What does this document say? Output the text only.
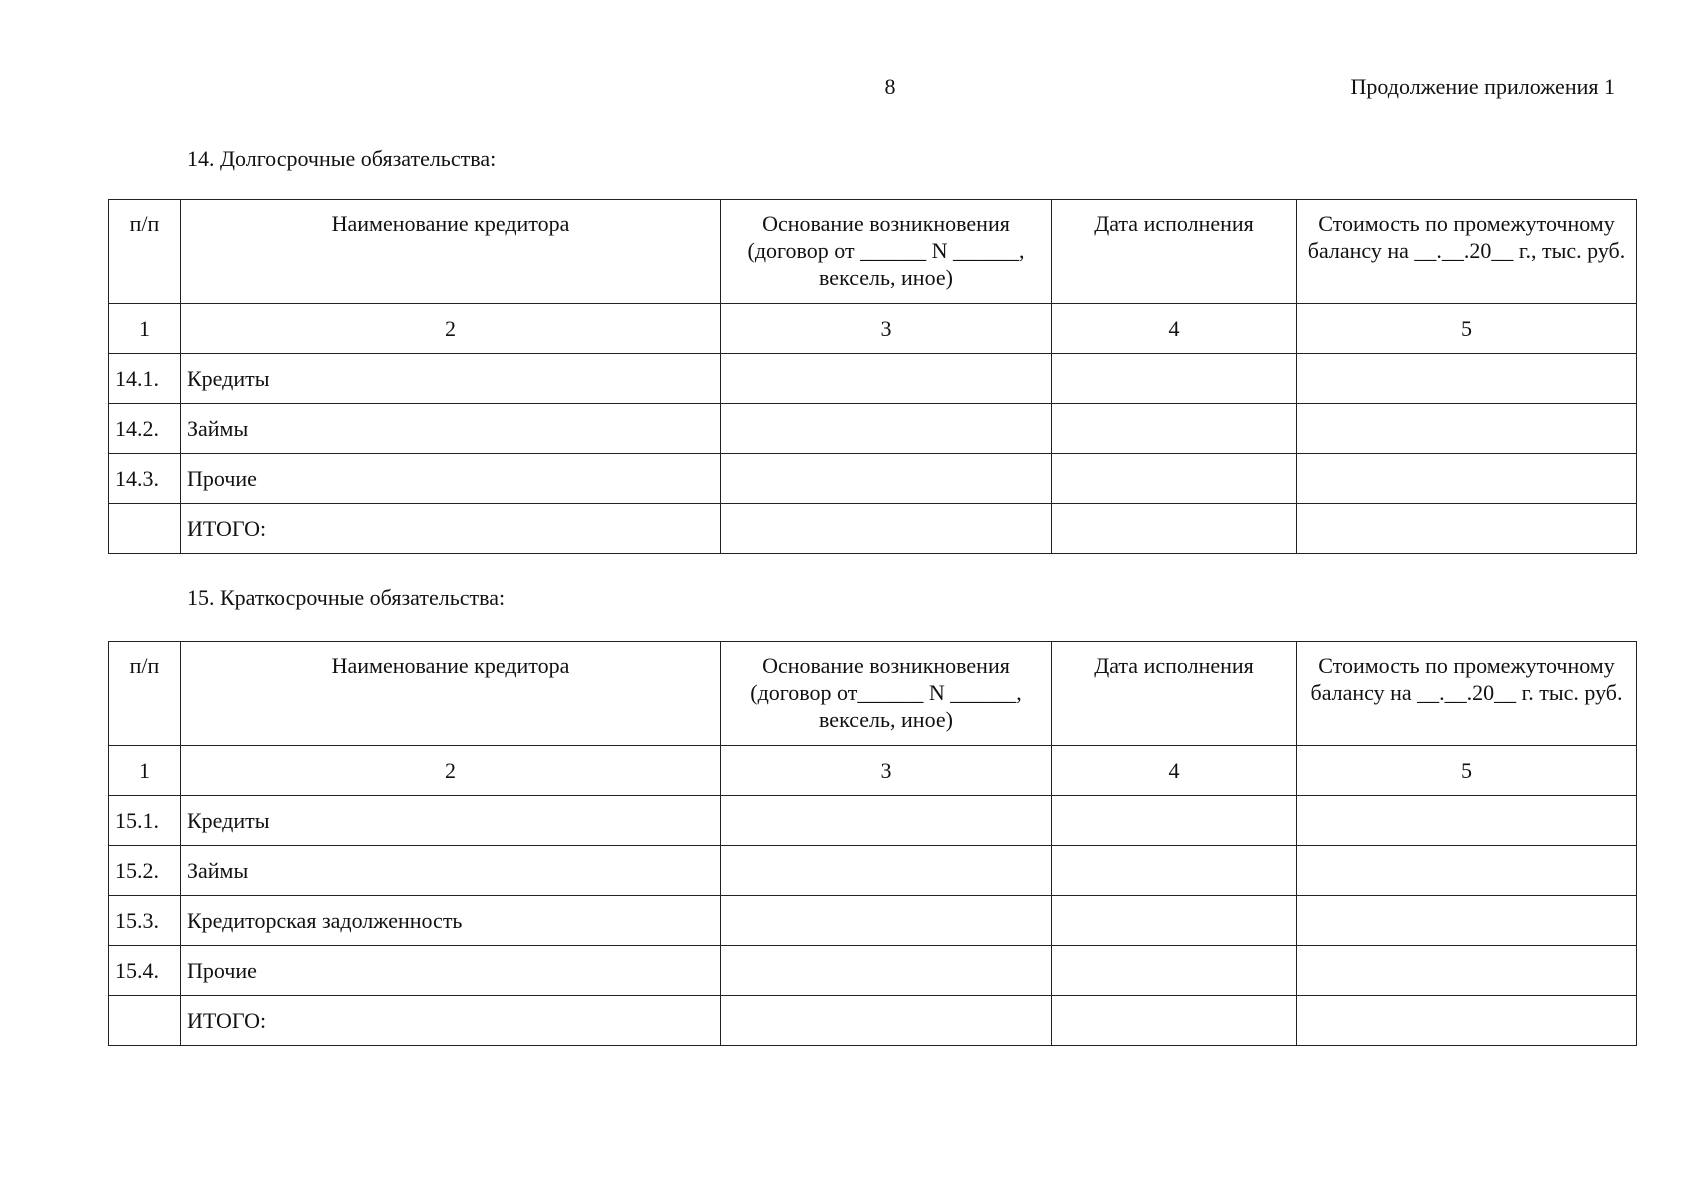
8	Продолжение приложения 1
14. Долгосрочные обязательства:
п/п	Наименование кредитора	Основание возникновения (договор от ______ N ______, вексель, иное)	Дата исполнения	Стоимость по промежуточному балансу на __.__.20__ г., тыс. руб.
1	2	3	4	5
14.1.	Кредиты			
14.2.	Займы			
14.3.	Прочие			
	ИТОГО:			
15. Краткосрочные обязательства:
п/п	Наименование кредитора	Основание возникновения (договор от______ N ______, вексель, иное)	Дата исполнения	Стоимость по промежуточному балансу на __.__.20__ г. тыс. руб.
1	2	3	4	5
15.1.	Кредиты			
15.2.	Займы			
15.3.	Кредиторская задолженность			
15.4.	Прочие			
	ИТОГО:			
